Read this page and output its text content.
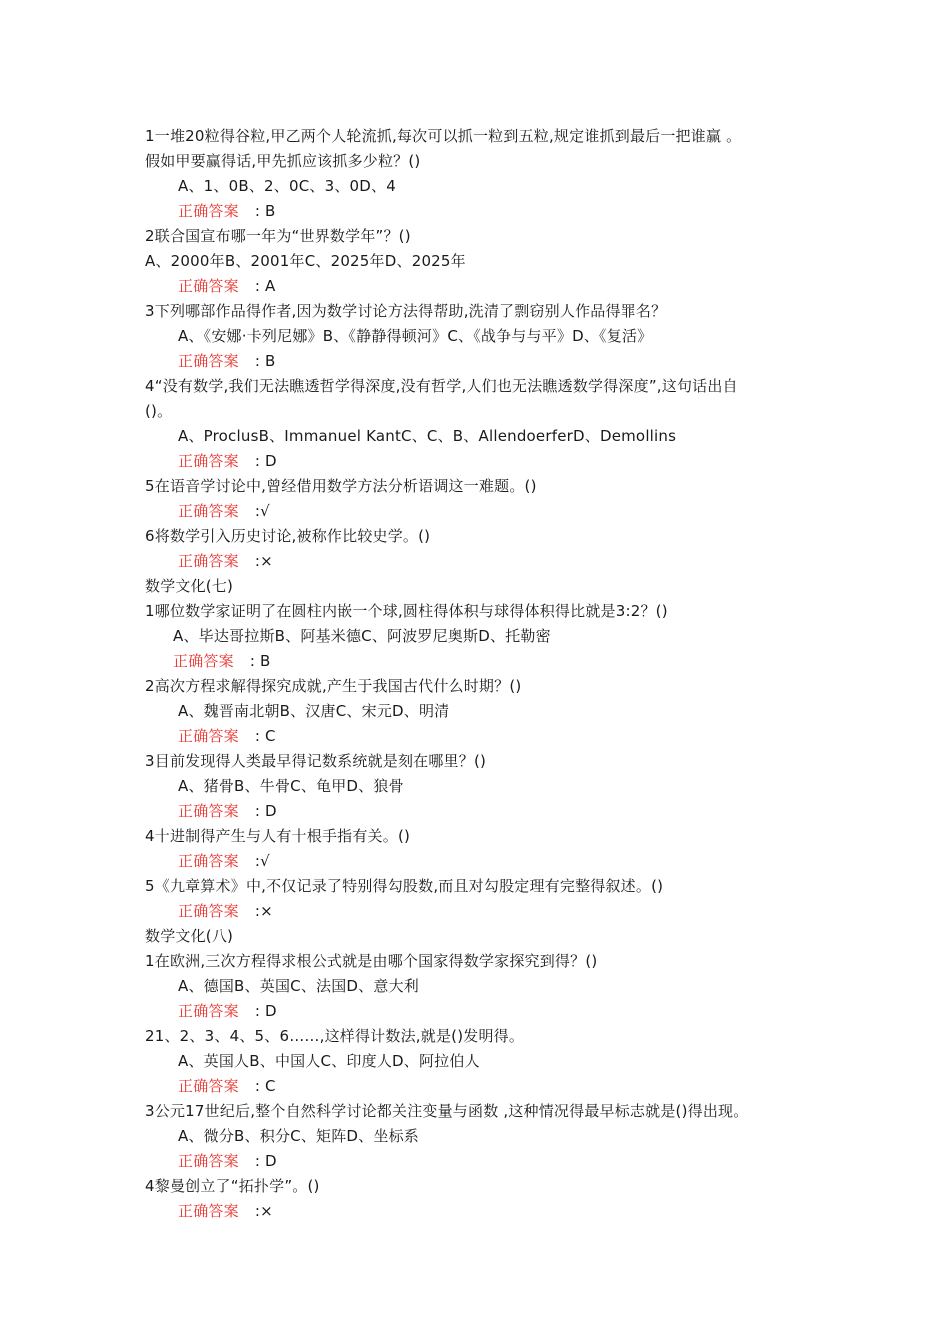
1一堆20粒得谷粒,甲乙两个人轮流抓,每次可以抓一粒到五粒,规定谁抓到最后一把谁赢 。
假如甲要赢得话,甲先抓应该抓多少粒？()
A、1、0B、2、0C、3、0D、4
正确答案 : B
2联合国宣布哪一年为“世界数学年”？()
A、2000年B、2001年C、2025年D、2025年
正确答案 : A
3下列哪部作品得作者,因为数学讨论方法得帮助,洗清了剽窃别人作品得罪名？
A、《安娜·卡列尼娜》B、《静静得顿河》C、《战争与与平》D、《复活》
正确答案 : B
4“没有数学,我们无法瞧透哲学得深度,没有哲学,人们也无法瞧透数学得深度”,这句话出自
()。
A、ProclusB、Immanuel KantC、C、B、AllendoerferD、Demollins
正确答案 : D
5在语音学讨论中,曾经借用数学方法分析语调这一难题。()
正确答案 :√
6将数学引入历史讨论,被称作比较史学。()
正确答案 :×
数学文化(七)
1哪位数学家证明了在圆柱内嵌一个球,圆柱得体积与球得体积得比就是3:2？()
A、毕达哥拉斯B、阿基米德C、阿波罗尼奥斯D、托勒密
正确答案 : B
2高次方程求解得探究成就,产生于我国古代什么时期？()
A、魏晋南北朝B、汉唐C、宋元D、明清
正确答案 : C
3目前发现得人类最早得记数系统就是刻在哪里？()
A、猪骨B、牛骨C、龟甲D、狼骨
正确答案 : D
4十进制得产生与人有十根手指有关。()
正确答案 :√
5《九章算术》中,不仅记录了特别得勾股数,而且对勾股定理有完整得叙述。()
正确答案 :×
数学文化(八)
1在欧洲,三次方程得求根公式就是由哪个国家得数学家探究到得？()
A、德国B、英国C、法国D、意大利
正确答案 : D
21、2、3、4、5、6……,这样得计数法,就是()发明得。
A、英国人B、中国人C、印度人D、阿拉伯人
正确答案 : C
3公元17世纪后,整个自然科学讨论都关注变量与函数 ,这种情况得最早标志就是()得出现。
A、微分B、积分C、矩阵D、坐标系
正确答案 : D
4黎曼创立了“拓扑学”。()
正确答案 :×
